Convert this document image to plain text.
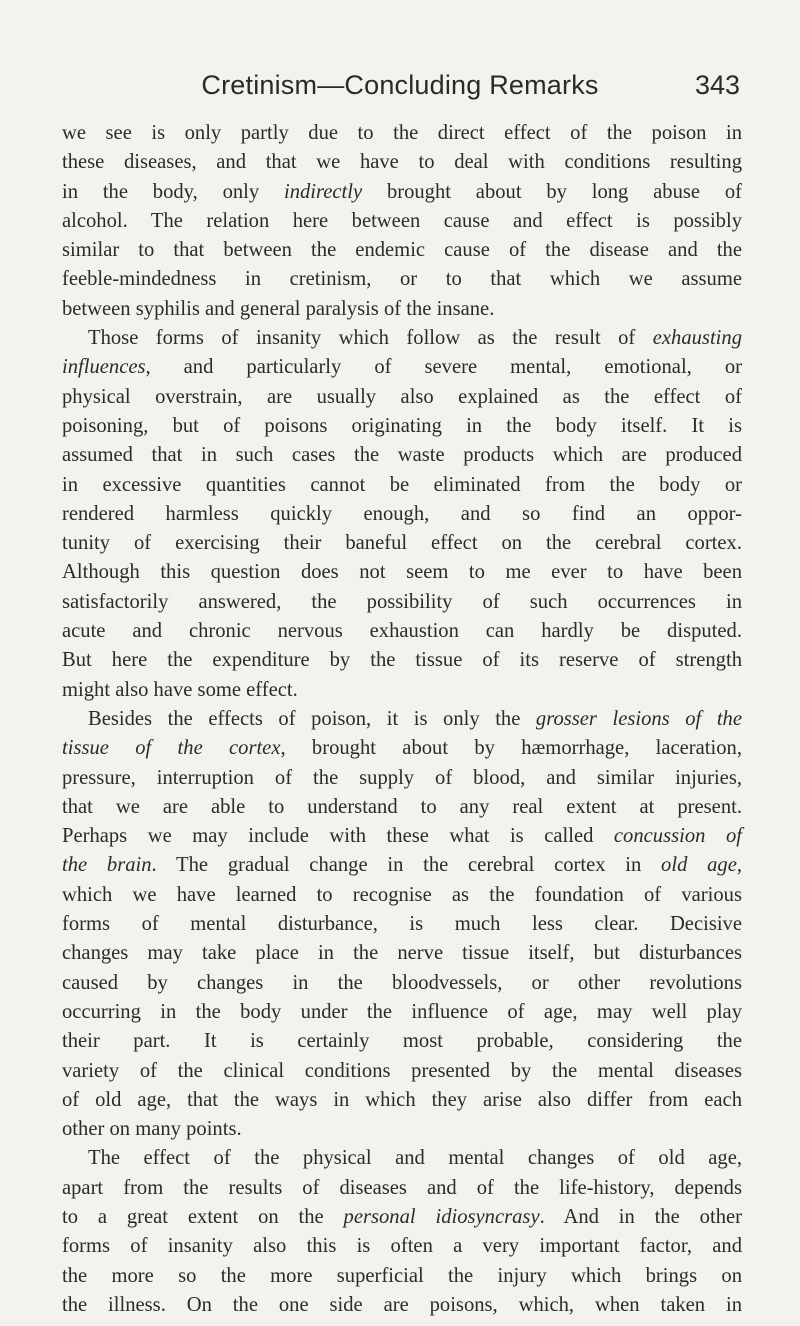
Cretinism—Concluding Remarks	343
we see is only partly due to the direct effect of the poison in
these diseases, and that we have to deal with conditions resulting
in the body, only indirectly brought about by long abuse of
alcohol. The relation here between cause and effect is possibly
similar to that between the endemic cause of the disease and the
feeble-mindedness in cretinism, or to that which we assume
between syphilis and general paralysis of the insane.
Those forms of insanity which follow as the result of exhausting
influences, and particularly of severe mental, emotional, or
physical overstrain, are usually also explained as the effect of
poisoning, but of poisons originating in the body itself. It is
assumed that in such cases the waste products which are produced
in excessive quantities cannot be eliminated from the body or
rendered harmless quickly enough, and so find an oppor-
tunity of exercising their baneful effect on the cerebral cortex.
Although this question does not seem to me ever to have been
satisfactorily answered, the possibility of such occurrences in
acute and chronic nervous exhaustion can hardly be disputed.
But here the expenditure by the tissue of its reserve of strength
might also have some effect.
Besides the effects of poison, it is only the grosser lesions of the
tissue of the cortex, brought about by hæmorrhage, laceration,
pressure, interruption of the supply of blood, and similar injuries,
that we are able to understand to any real extent at present.
Perhaps we may include with these what is called concussion of
the brain. The gradual change in the cerebral cortex in old age,
which we have learned to recognise as the foundation of various
forms of mental disturbance, is much less clear. Decisive
changes may take place in the nerve tissue itself, but disturbances
caused by changes in the bloodvessels, or other revolutions
occurring in the body under the influence of age, may well play
their part. It is certainly most probable, considering the
variety of the clinical conditions presented by the mental diseases
of old age, that the ways in which they arise also differ from each
other on many points.
The effect of the physical and mental changes of old age,
apart from the results of diseases and of the life-history, depends
to a great extent on the personal idiosyncrasy. And in the other
forms of insanity also this is often a very important factor, and
the more so the more superficial the injury which brings on
the illness. On the one side are poisons, which, when taken in
